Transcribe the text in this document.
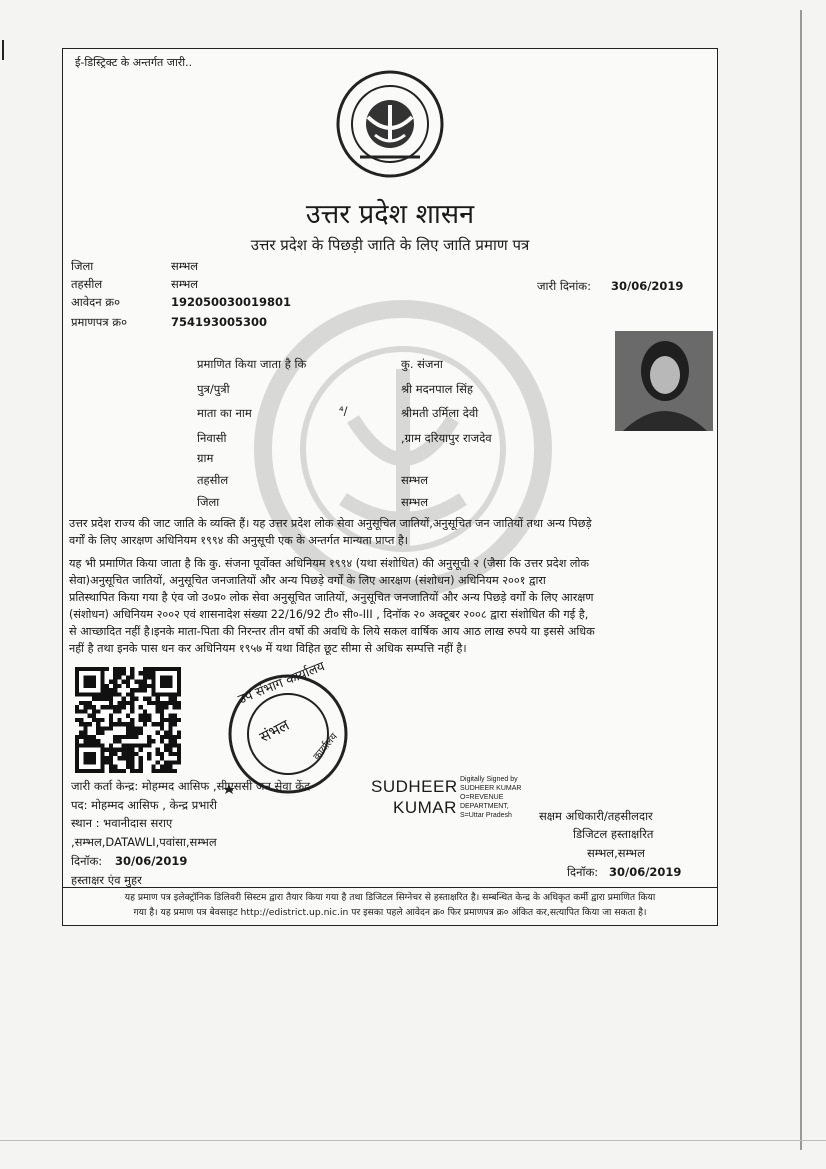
ई-डिस्ट्रिक्ट के अन्तर्गत जारी..
उत्तर प्रदेश शासन
उत्तर प्रदेश के पिछड़ी जाति के लिए जाति प्रमाण पत्र
जिला	सम्भल
तहसील	सम्भल
आवेदन क्र०	19205003001980​1
प्रमाणपत्र क्र०	754193005300
जारी दिनांक: 30/06/2019
प्रमाणित किया जाता है कि	कु. संजना
पुत्र/पुत्री	श्री मदनपाल सिंह
माता का नाम	⁴/	श्रीमती उर्मिला देवी
निवासी	,ग्राम दरियापुर राजदेव
ग्राम
तहसील	सम्भल
जिला	सम्भल
उत्तर प्रदेश राज्य की जाट जाति के व्यक्ति हैं। यह उत्तर प्रदेश लोक सेवा अनुसूचित जातियों,अनुसूचित जन जातियों तथा अन्य पिछड़े
वर्गों के लिए आरक्षण अधिनियम १९९४ की अनुसूची एक के अन्तर्गत मान्यता प्राप्त है।
यह भी प्रमाणित किया जाता है कि कु. संजना पूर्वोक्त अधिनियम १९९४ (यथा संशोधित) की अनुसूची २ (जैसा कि उत्तर प्रदेश लोक
सेवा)अनुसूचित जातियों, अनुसूचित जनजातियों और अन्य पिछड़े वर्गों के लिए आरक्षण (संशोधन) अधिनियम २००१ द्वारा
प्रतिस्थापित किया गया है एंव जो उ०प्र० लोक सेवा अनुसूचित जातियों, अनुसूचित जनजातियों और अन्य पिछड़े वर्गों के लिए आरक्षण
(संशोधन) अधिनियम २००२ एवं शासनादेश संख्या 22/16/92 टी० सी०-III , दिनॉक २० अक्टूबर २००८ द्वारा संशोधित की गई है,
से आच्छादित नहीं है।इनके माता-पिता की निरन्तर तीन वर्षो की अवधि के लिये सकल वार्षिक आय आठ लाख रुपये या इससे अधिक
नहीं है तथा इनके पास धन कर अधिनियम १९५७ में यथा विहित छूट सीमा से अधिक सम्पत्ति नहीं है।
उप संभाग कार्यालय
संभल
कार्यालय
जारी कर्ता केन्द्र: मोहम्मद आसिफ ,सीएससी जन सेवा केंद्र
पद: मोहम्मद आसिफ , केन्द्र प्रभारी
स्थान : भवानीदास सराए
,सम्भल,DATAWLI,पवांसा,सम्भल
दिनॉक: 30/06/2019
हस्ताक्षर एंव मुहर
SUDHEER
KUMAR
Digitally Signed by SUDHEER KUMAR O=REVENUE DEPARTMENT, S=Uttar Pradesh	सक्षम अधिकारी/तहसीलदार
डिजिटल हस्ताक्षरित
सम्भल,सम्भल
दिनॉक: 30/06/2019
यह प्रमाण पत्र इलेक्ट्रॉनिक डिलिवरी सिस्टम द्वारा तैयार किया गया है तथा डिजिटल सिग्नेचर से हस्ताक्षरित है। सम्बन्धित केन्द्र के अधिकृत कर्मी द्वारा प्रमाणित किया
गया है। यह प्रमाण पत्र बेवसाइट http://edistrict.up.nic.in पर इसका पहले आवेदन क्र० फिर प्रमाणपत्र क्र० अंकित कर,सत्यापित किया जा सकता है।
